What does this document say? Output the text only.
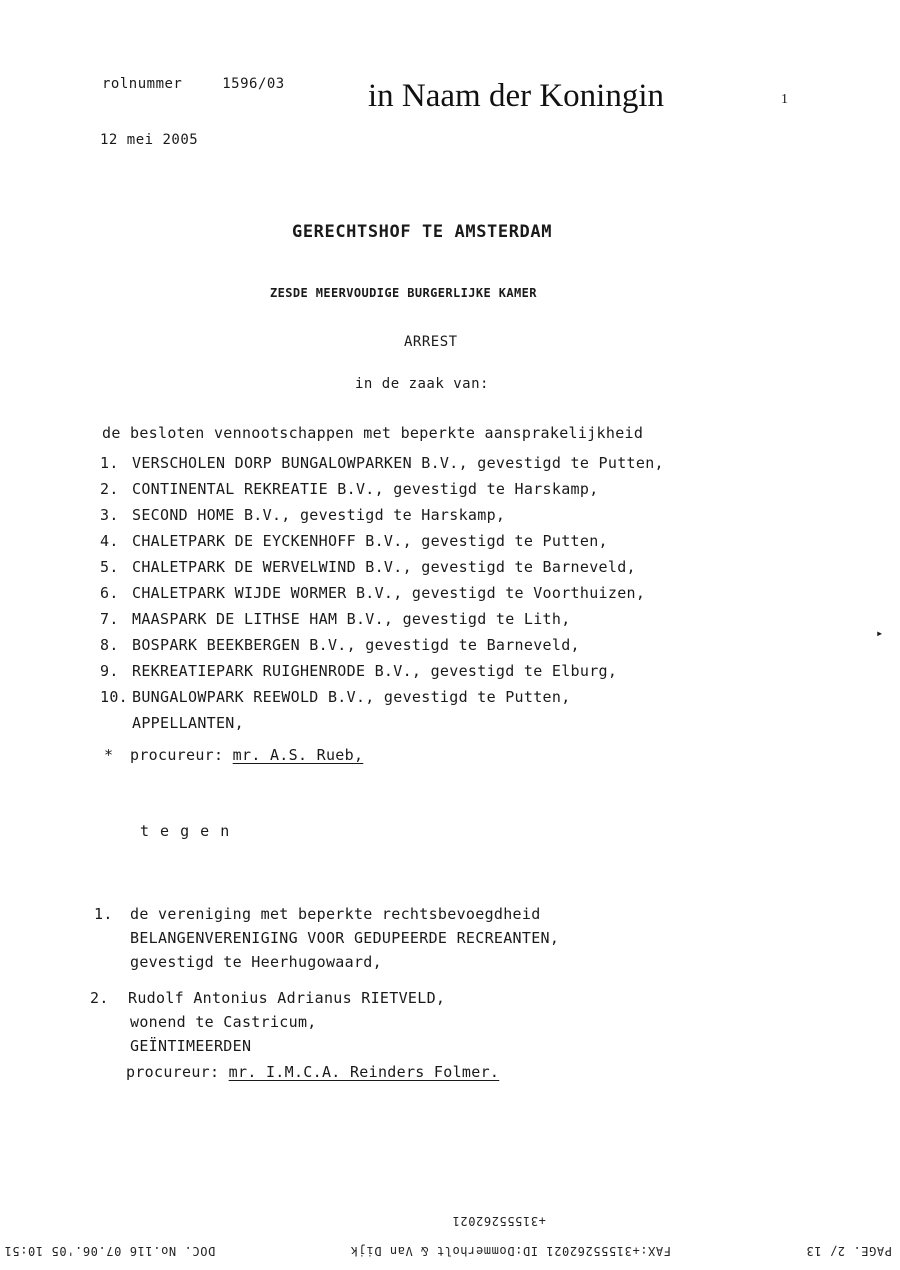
rolnummer	1596/03
12 mei 2005
in Naam der Koningin	1
GERECHTSHOF TE AMSTERDAM
ZESDE MEERVOUDIGE BURGERLIJKE KAMER
ARREST
in de zaak van:
de besloten vennootschappen met beperkte aansprakelijkheid
1. VERSCHOLEN DORP BUNGALOWPARKEN B.V., gevestigd te Putten,
2. CONTINENTAL REKREATIE B.V., gevestigd te Harskamp,
3. SECOND HOME B.V., gevestigd te Harskamp,
4. CHALETPARK DE EYCKENHOFF B.V., gevestigd te Putten,
5. CHALETPARK DE WERVELWIND B.V., gevestigd te Barneveld,
6. CHALETPARK WIJDE WORMER B.V., gevestigd te Voorthuizen,
7. MAASPARK DE LITHSE HAM B.V., gevestigd te Lith,
8. BOSPARK BEEKBERGEN B.V., gevestigd te Barneveld,
9. REKREATIEPARK RUIGHENRODE B.V., gevestigd te Elburg,
10. BUNGALOWPARK REEWOLD B.V., gevestigd te Putten,
APPELLANTEN,
* procureur: mr. A.S. Rueb,
t e g e n
1. de vereniging met beperkte rechtsbevoegdheid
BELANGENVERENIGING VOOR GEDUPEERDE RECREANTEN,
gevestigd te Heerhugowaard,
2. Rudolf Antonius Adrianus RIETVELD,
wonend te Castricum,
GEÏNTIMEERDEN
procureur: mr. I.M.C.A. Reinders Folmer.
▸
+31555262021
PAGE. 2/ 13
FAX:+31555262021 ID:Dommerholt & Van Dijk
DOC. No.116 07.06.'05 10:51
